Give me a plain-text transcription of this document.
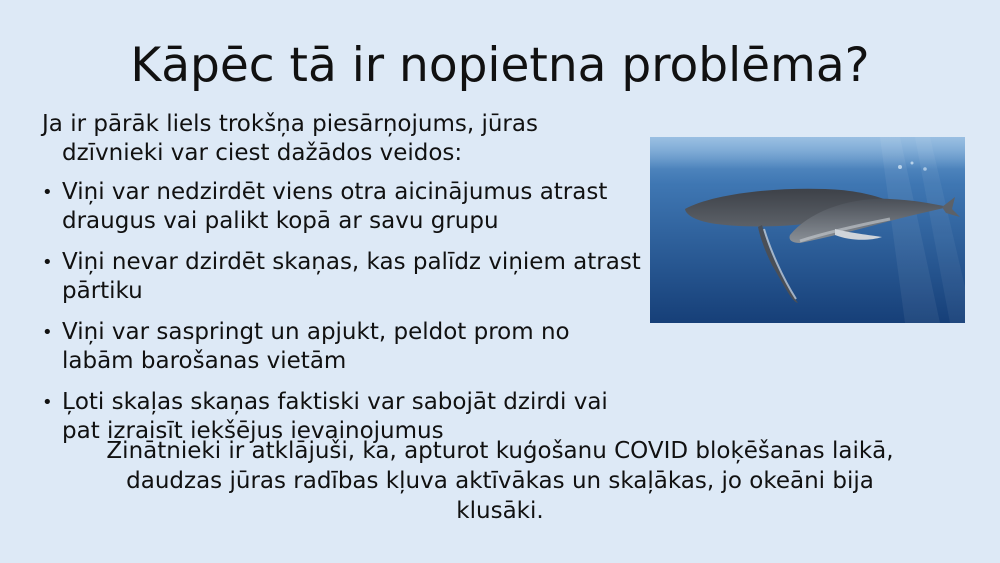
Kāpēc tā ir nopietna problēma?

Ja ir pārāk liels trokšņa piesārņojums, jūras dzīvnieki var ciest dažādos veidos:

• Viņi var nedzirdēt viens otra aicinājumus atrast draugus vai palikt kopā ar savu grupu
• Viņi nevar dzirdēt skaņas, kas palīdz viņiem atrast pārtiku
• Viņi var saspringt un apjukt, peldot prom no labām barošanas vietām
• Ļoti skaļas skaņas faktiski var sabojāt dzirdi vai pat izraisīt iekšējus ievainojumus

Zinātnieki ir atklājuši, ka, apturot kuģošanu COVID bloķēšanas laikā, daudzas jūras radības kļuva aktīvākas un skaļākas, jo okeāni bija klusāki.
